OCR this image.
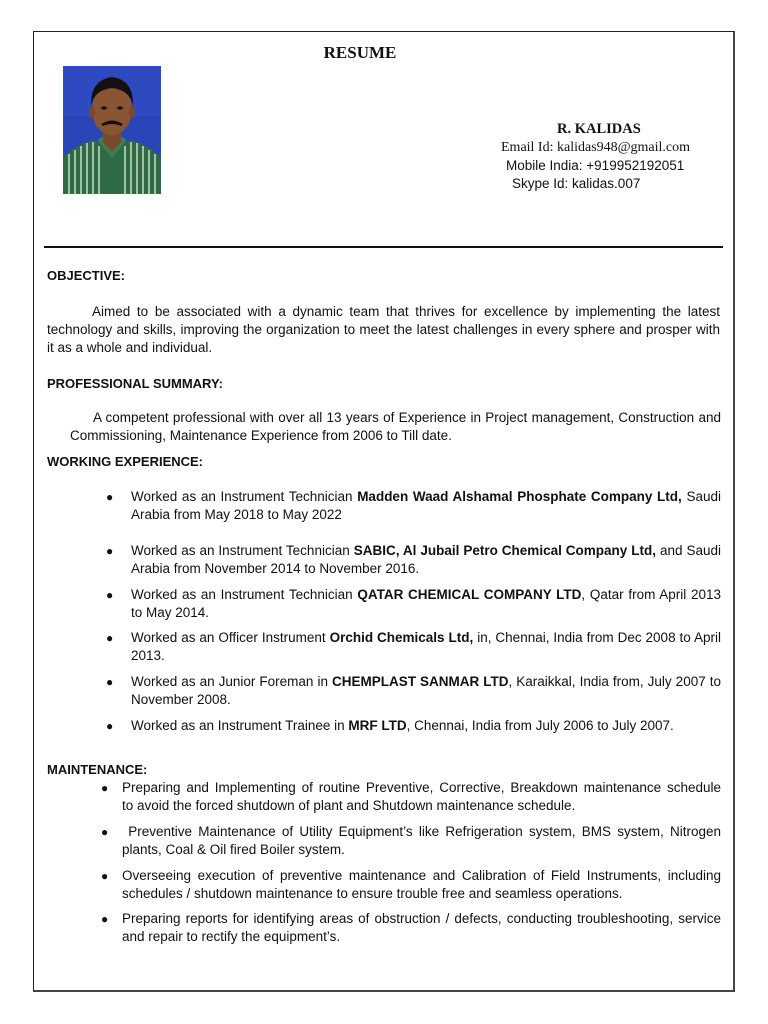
RESUME
R. KALIDAS
Email Id: kalidas948@gmail.com
Mobile India: +919952192051
Skype Id: kalidas.007
OBJECTIVE:

Aimed to be associated with a dynamic team that thrives for excellence by implementing the latest technology and skills, improving the organization to meet the latest challenges in every sphere and prosper with it as a whole and individual.

PROFESSIONAL SUMMARY:

A competent professional with over all 13 years of Experience in Project management, Construction and Commissioning, Maintenance Experience from 2006 to Till date.

WORKING EXPERIENCE:
● Worked as an Instrument Technician Madden Waad Alshamal Phosphate Company Ltd, Saudi Arabia from May 2018 to May 2022
● Worked as an Instrument Technician SABIC, Al Jubail Petro Chemical Company Ltd, and Saudi Arabia from November 2014 to November 2016.
● Worked as an Instrument Technician QATAR CHEMICAL COMPANY LTD, Qatar from April 2013 to May 2014.
● Worked as an Officer Instrument Orchid Chemicals Ltd, in, Chennai, India from Dec 2008 to April 2013.
● Worked as an Junior Foreman in CHEMPLAST SANMAR LTD, Karaikkal, India from, July 2007 to November 2008.
● Worked as an Instrument Trainee in MRF LTD, Chennai, India from July 2006 to July 2007.
MAINTENANCE:
● Preparing and Implementing of routine Preventive, Corrective, Breakdown maintenance schedule      to avoid the forced shutdown of plant and Shutdown maintenance schedule.
● Preventive Maintenance of Utility Equipment’s like Refrigeration system, BMS system, Nitrogen plants, Coal & Oil fired Boiler system.
● Overseeing execution of preventive maintenance and Calibration of Field Instruments, including schedules / shutdown maintenance to ensure trouble free and seamless operations.
● Preparing reports for identifying areas of obstruction / defects, conducting troubleshooting, service and repair to rectify the equipment’s.
